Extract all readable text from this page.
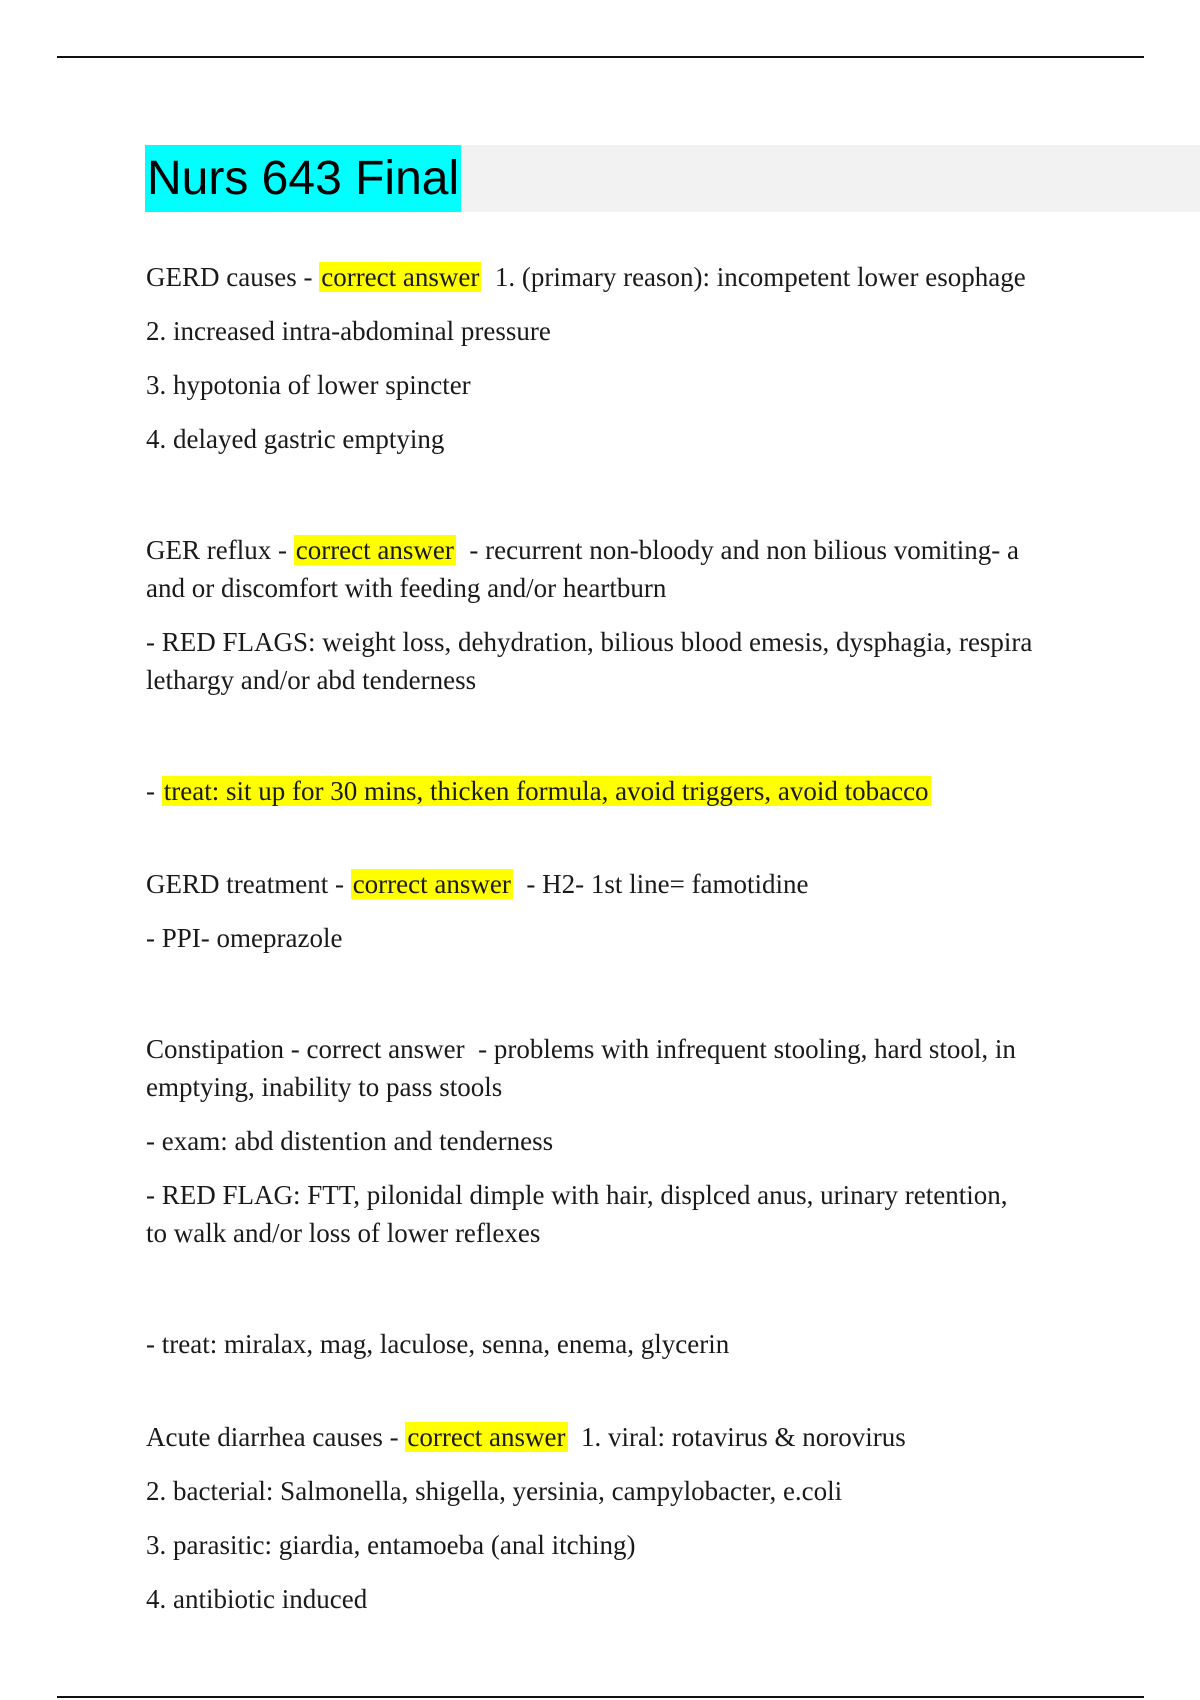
Nurs 643 Final
GERD causes - correct answer  1. (primary reason): incompetent lower esophage
2. increased intra-abdominal pressure
3. hypotonia of lower spincter
4. delayed gastric emptying
GER reflux - correct answer  - recurrent non-bloody and non bilious vomiting- a
and or discomfort with feeding and/or heartburn
- RED FLAGS: weight loss, dehydration, bilious blood emesis, dysphagia, respira
lethargy and/or abd tenderness
- treat: sit up for 30 mins, thicken formula, avoid triggers, avoid tobacco
GERD treatment - correct answer  - H2- 1st line= famotidine
- PPI- omeprazole
Constipation - correct answer  - problems with infrequent stooling, hard stool, in
emptying, inability to pass stools
- exam: abd distention and tenderness
- RED FLAG: FTT, pilonidal dimple with hair, displced anus, urinary retention,
to walk and/or loss of lower reflexes
- treat: miralax, mag, laculose, senna, enema, glycerin
Acute diarrhea causes - correct answer  1. viral: rotavirus & norovirus
2. bacterial: Salmonella, shigella, yersinia, campylobacter, e.coli
3. parasitic: giardia, entamoeba (anal itching)
4. antibiotic induced
